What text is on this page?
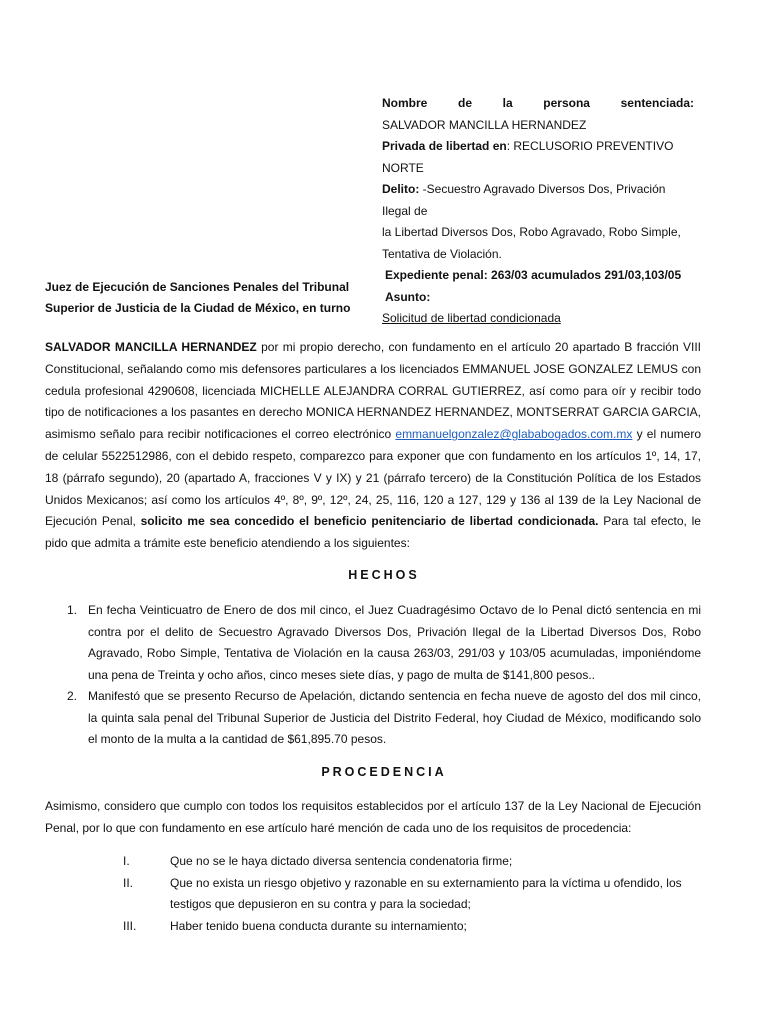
Nombre de la persona sentenciada:

SALVADOR MANCILLA HERNANDEZ

Privada de libertad en: RECLUSORIO PREVENTIVO NORTE

Delito: -Secuestro Agravado Diversos Dos, Privación Ilegal de

la Libertad Diversos Dos, Robo Agravado, Robo Simple,

Tentativa de Violación.

Expediente penal: 263/03 acumulados 291/03,103/05 Asunto:

Solicitud de libertad condicionada

Juez de Ejecución de Sanciones Penales del Tribunal
Superior de Justicia de la Ciudad de México, en turno

SALVADOR MANCILLA HERNANDEZ por mi propio derecho, con fundamento en el artículo 20 apartado B fracción VIII Constitucional, señalando como mis defensores particulares a los licenciados EMMANUEL JOSE GONZALEZ LEMUS con cedula profesional 4290608, licenciada MICHELLE ALEJANDRA CORRAL GUTIERREZ, así como para oír y recibir todo tipo de notificaciones a los pasantes en derecho MONICA HERNANDEZ HERNANDEZ, MONTSERRAT GARCIA GARCIA, asimismo señalo para recibir notificaciones el correo electrónico emmanuelgonzalez@glababogados.com.mx y el numero de celular 5522512986, con el debido respeto, comparezco para exponer que con fundamento en los artículos 1º, 14, 17, 18 (párrafo segundo), 20 (apartado A, fracciones V y IX) y 21 (párrafo tercero) de la Constitución Política de los Estados Unidos Mexicanos; así como los artículos 4º, 8º, 9º, 12º, 24, 25, 116, 120 a 127, 129 y 136 al 139 de la Ley Nacional de Ejecución Penal, solicito me sea concedido el beneficio penitenciario de libertad condicionada. Para tal efecto, le pido que admita a trámite este beneficio atendiendo a los siguientes:

HECHOS
1. En fecha Veinticuatro de Enero de dos mil cinco, el Juez Cuadragésimo Octavo de lo Penal dictó sentencia en mi contra por el delito de Secuestro Agravado Diversos Dos, Privación Ilegal de la Libertad Diversos Dos, Robo Agravado, Robo Simple, Tentativa de Violación en la causa 263/03, 291/03 y 103/05 acumuladas, imponiéndome una pena de Treinta y ocho años, cinco meses siete días, y pago de multa de $141,800 pesos..
2. Manifestó que se presento Recurso de Apelación, dictando sentencia en fecha nueve de agosto del dos mil cinco, la quinta sala penal del Tribunal Superior de Justicia del Distrito Federal, hoy Ciudad de México, modificando solo el monto de la multa a la cantidad de $61,895.70 pesos.
PROCEDENCIA
Asimismo, considero que cumplo con todos los requisitos establecidos por el artículo 137 de la Ley Nacional de Ejecución Penal, por lo que con fundamento en ese artículo haré mención de cada uno de los requisitos de procedencia:
I.	Que no se le haya dictado diversa sentencia condenatoria firme;
II.	Que no exista un riesgo objetivo y razonable en su externamiento para la víctima u ofendido, los testigos que depusieron en su contra y para la sociedad;
III.	Haber tenido buena conducta durante su internamiento;
